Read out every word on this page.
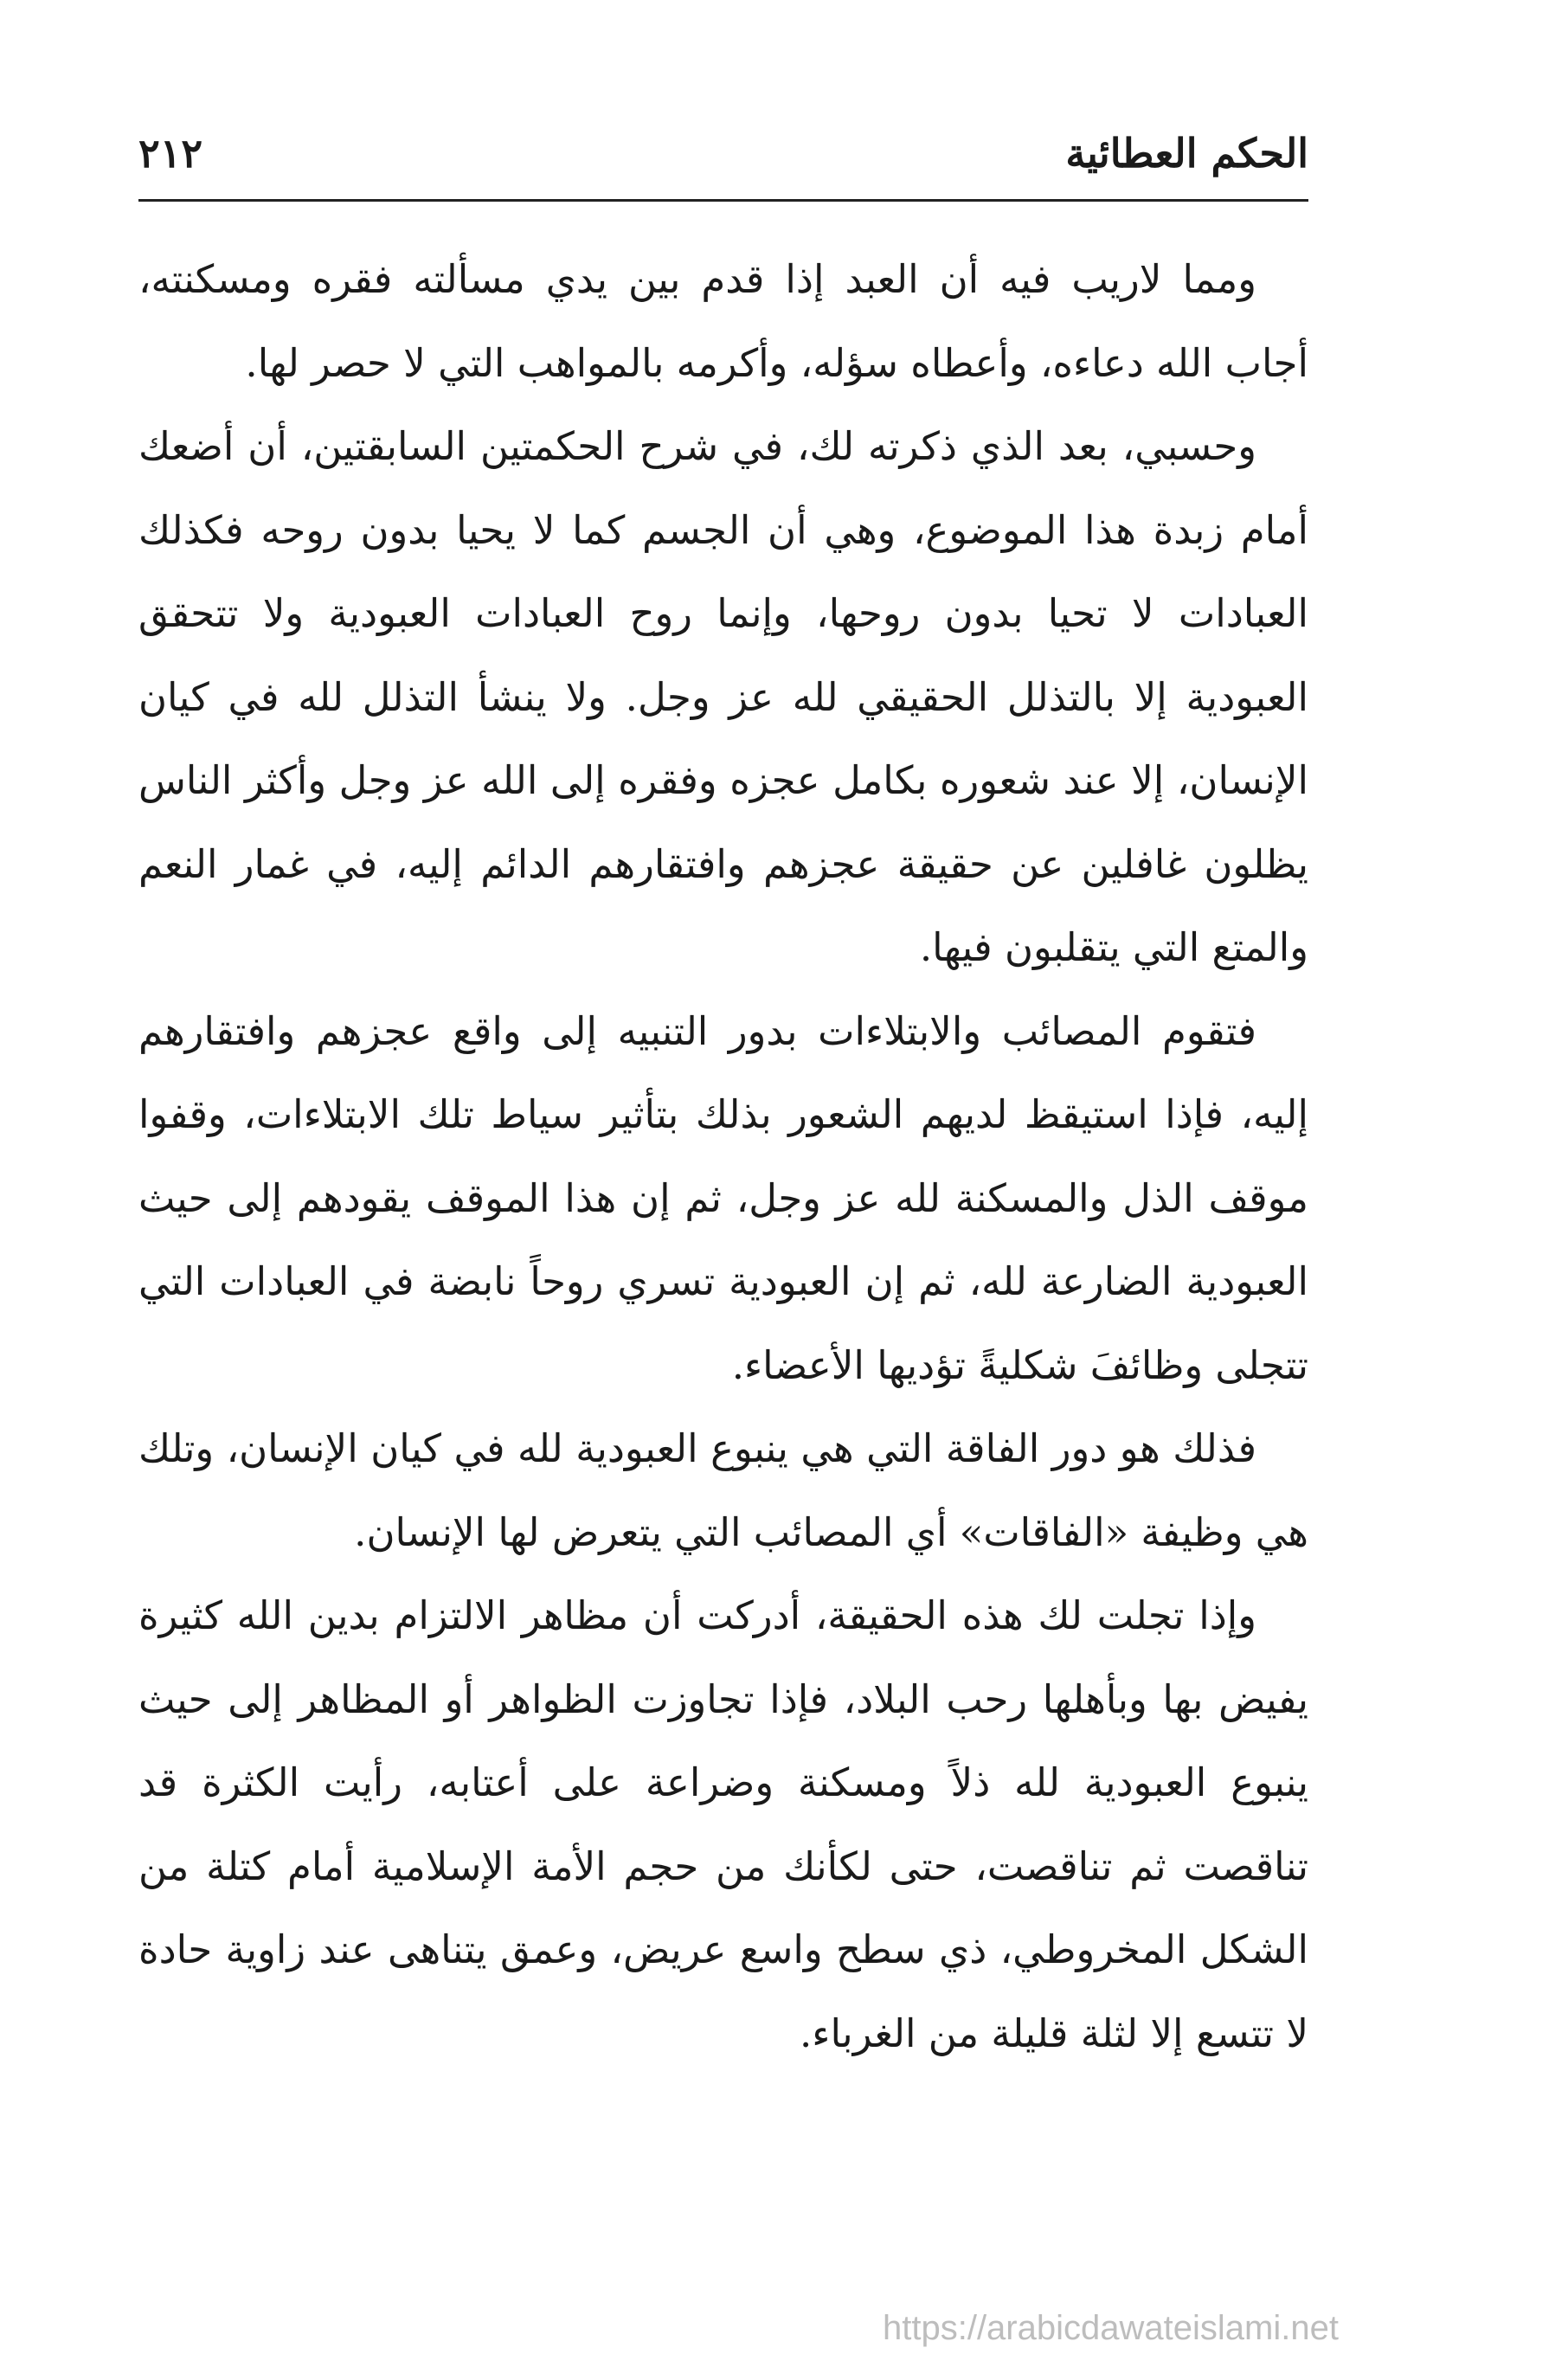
الحكم العطائية
٢١٢

ومما لاريب فيه أن العبد إذا قدم بين يدي مسألته فقره ومسكنته، أجاب الله دعاءه، وأعطاه سؤله، وأكرمه بالمواهب التي لا حصر لها.

وحسبي، بعد الذي ذكرته لك، في شرح الحكمتين السابقتين، أن أضعك أمام زبدة هذا الموضوع، وهي أن الجسم كما لا يحيا بدون روحه فكذلك العبادات لا تحيا بدون روحها، وإنما روح العبادات العبودية ولا تتحقق العبودية إلا بالتذلل الحقيقي لله عز وجل. ولا ينشأ التذلل لله في كيان الإنسان، إلا عند شعوره بكامل عجزه وفقره إلى الله عز وجل وأكثر الناس يظلون غافلين عن حقيقة عجزهم وافتقارهم الدائم إليه، في غمار النعم والمتع التي يتقلبون فيها.

فتقوم المصائب والابتلاءات بدور التنبيه إلى واقع عجزهم وافتقارهم إليه، فإذا استيقظ لديهم الشعور بذلك بتأثير سياط تلك الابتلاءات، وقفوا موقف الذل والمسكنة لله عز وجل، ثم إن هذا الموقف يقودهم إلى حيث العبودية الضارعة لله، ثم إن العبودية تسري روحاً نابضة في العبادات التي تتجلى وظائفَ شكليةً تؤديها الأعضاء.

فذلك هو دور الفاقة التي هي ينبوع العبودية لله في كيان الإنسان، وتلك هي وظيفة «الفاقات» أي المصائب التي يتعرض لها الإنسان.

وإذا تجلت لك هذه الحقيقة، أدركت أن مظاهر الالتزام بدين الله كثيرة يفيض بها وبأهلها رحب البلاد، فإذا تجاوزت الظواهر أو المظاهر إلى حيث ينبوع العبودية لله ذلاً ومسكنة وضراعة على أعتابه، رأيت الكثرة قد تناقصت ثم تناقصت، حتى لكأنك من حجم الأمة الإسلامية أمام كتلة من الشكل المخروطي، ذي سطح واسع عريض، وعمق يتناهى عند زاوية حادة لا تتسع إلا لثلة قليلة من الغرباء.

https://arabicdawateislami.net
